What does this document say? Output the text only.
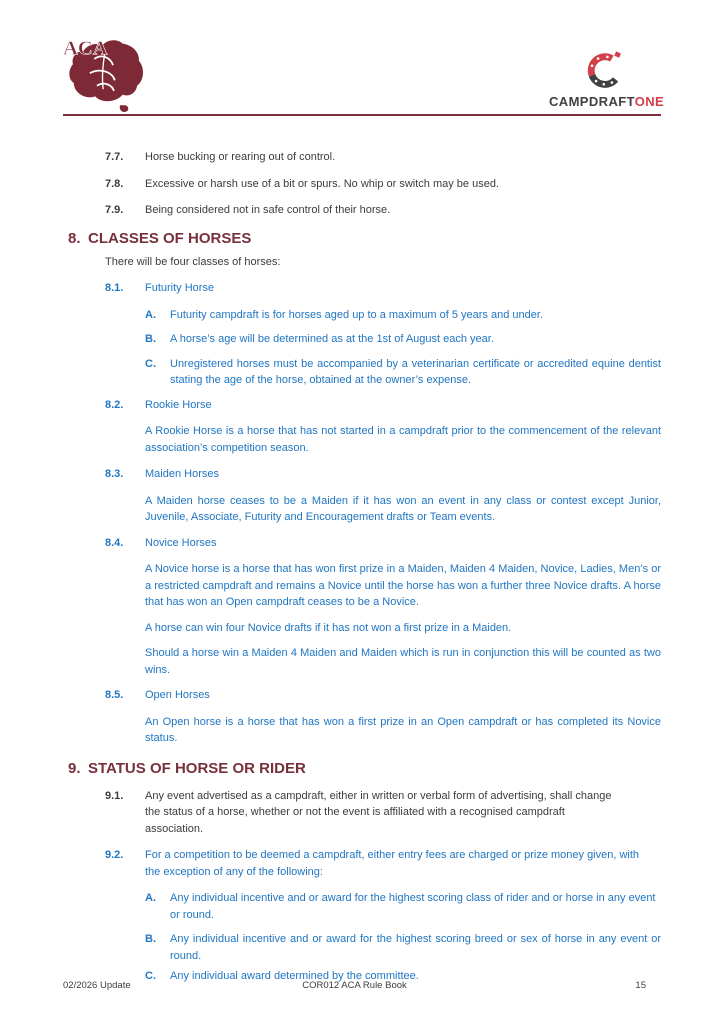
ACA
CAMPDRAFTONE
7.7.	Horse bucking or rearing out of control.
7.8.	Excessive or harsh use of a bit or spurs. No whip or switch may be used.
7.9.	Being considered not in safe control of their horse.
8. CLASSES OF HORSES

There will be four classes of horses:

8.1.	Futurity Horse
A.	Futurity campdraft is for horses aged up to a maximum of 5 years and under.
B.	A horse’s age will be determined as at the 1st of August each year.
C.	Unregistered horses must be accompanied by a veterinarian certificate or accredited equine dentist stating the age of the horse, obtained at the owner’s expense.
8.2.	Rookie Horse

A Rookie Horse is a horse that has not started in a campdraft prior to the commencement of the relevant association’s competition season.

8.3.	Maiden Horses

A Maiden horse ceases to be a Maiden if it has won an event in any class or contest except Junior, Juvenile, Associate, Futurity and Encouragement drafts or Team events.

8.4.	Novice Horses

A Novice horse is a horse that has won first prize in a Maiden, Maiden 4 Maiden, Novice, Ladies, Men’s or a restricted campdraft and remains a Novice until the horse has won a further three Novice drafts. A horse that has won an Open campdraft ceases to be a Novice.

A horse can win four Novice drafts if it has not won a first prize in a Maiden.

Should a horse win a Maiden 4 Maiden and Maiden which is run in conjunction this will be counted as two wins.

8.5.	Open Horses

An Open horse is a horse that has won a first prize in an Open campdraft or has completed its Novice status.

9. STATUS OF HORSE OR RIDER
9.1.	Any event advertised as a campdraft, either in written or verbal form of advertising, shall change the status of a horse, whether or not the event is affiliated with a recognised campdraft association.
9.2.	For a competition to be deemed a campdraft, either entry fees are charged or prize money given, with the exception of any of the following:
A.	Any individual incentive and or award for the highest scoring class of rider and or horse in any event or round.
B.	Any individual incentive and or award for the highest scoring breed or sex of horse in any event or round.
C.	Any individual award determined by the committee.
02/2026 Update	COR012 ACA Rule Book	15
